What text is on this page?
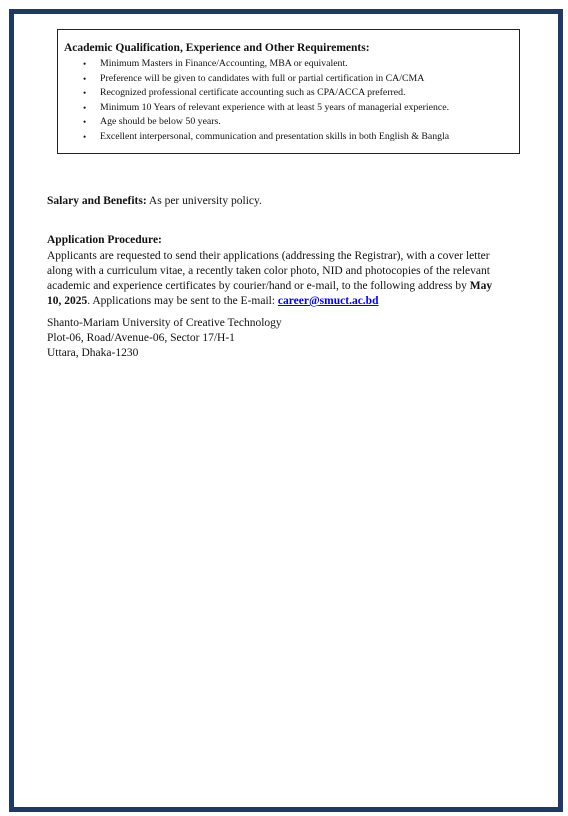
Academic Qualification, Experience and Other Requirements:

• Minimum Masters in Finance/Accounting, MBA or equivalent.
• Preference will be given to candidates with full or partial certification in CA/CMA
• Recognized professional certificate accounting such as CPA/ACCA preferred.
• Minimum 10 Years of relevant experience with at least 5 years of managerial experience.
• Age should be below 50 years.
• Excellent interpersonal, communication and presentation skills in both English & Bangla

Salary and Benefits: As per university policy.

Application Procedure:

Applicants are requested to send their applications (addressing the Registrar), with a cover letter
along with a curriculum vitae, a recently taken color photo, NID and photocopies of the relevant
academic and experience certificates by courier/hand or e-mail, to the following address by May
10, 2025. Applications may be sent to the E-mail: career@smuct.ac.bd

Shanto-Mariam University of Creative Technology
Plot-06, Road/Avenue-06, Sector 17/H-1
Uttara, Dhaka-1230
